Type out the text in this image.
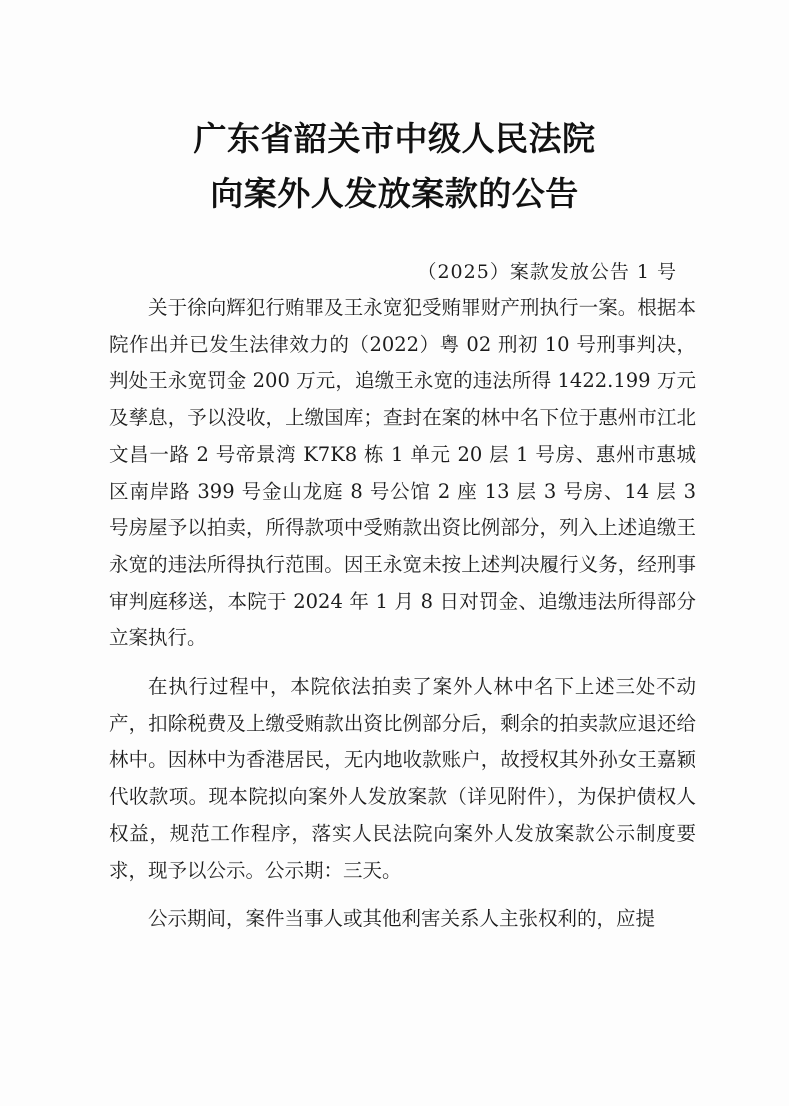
广东省韶关市中级人民法院
向案外人发放案款的公告
（2025）案款发放公告 1 号

关于徐向辉犯行贿罪及王永宽犯受贿罪财产刑执行一案。根据本院作出并已发生法律效力的（2022）粤 02 刑初 10 号刑事判决，判处王永宽罚金 200 万元，追缴王永宽的违法所得 1422.199 万元及孳息，予以没收，上缴国库；查封在案的林中名下位于惠州市江北文昌一路 2 号帝景湾 K7K8 栋 1 单元 20 层 1 号房、惠州市惠城区南岸路 399 号金山龙庭 8 号公馆 2 座 13 层 3 号房、14 层 3 号房屋予以拍卖，所得款项中受贿款出资比例部分，列入上述追缴王永宽的违法所得执行范围。因王永宽未按上述判决履行义务，经刑事审判庭移送，本院于 2024 年 1 月 8 日对罚金、追缴违法所得部分立案执行。

在执行过程中，本院依法拍卖了案外人林中名下上述三处不动产，扣除税费及上缴受贿款出资比例部分后，剩余的拍卖款应退还给林中。因林中为香港居民，无内地收款账户，故授权其外孙女王嘉颖代收款项。现本院拟向案外人发放案款（详见附件），为保护债权人权益，规范工作程序，落实人民法院向案外人发放案款公示制度要求，现予以公示。公示期：三天。

公示期间，案件当事人或其他利害关系人主张权利的，应提
